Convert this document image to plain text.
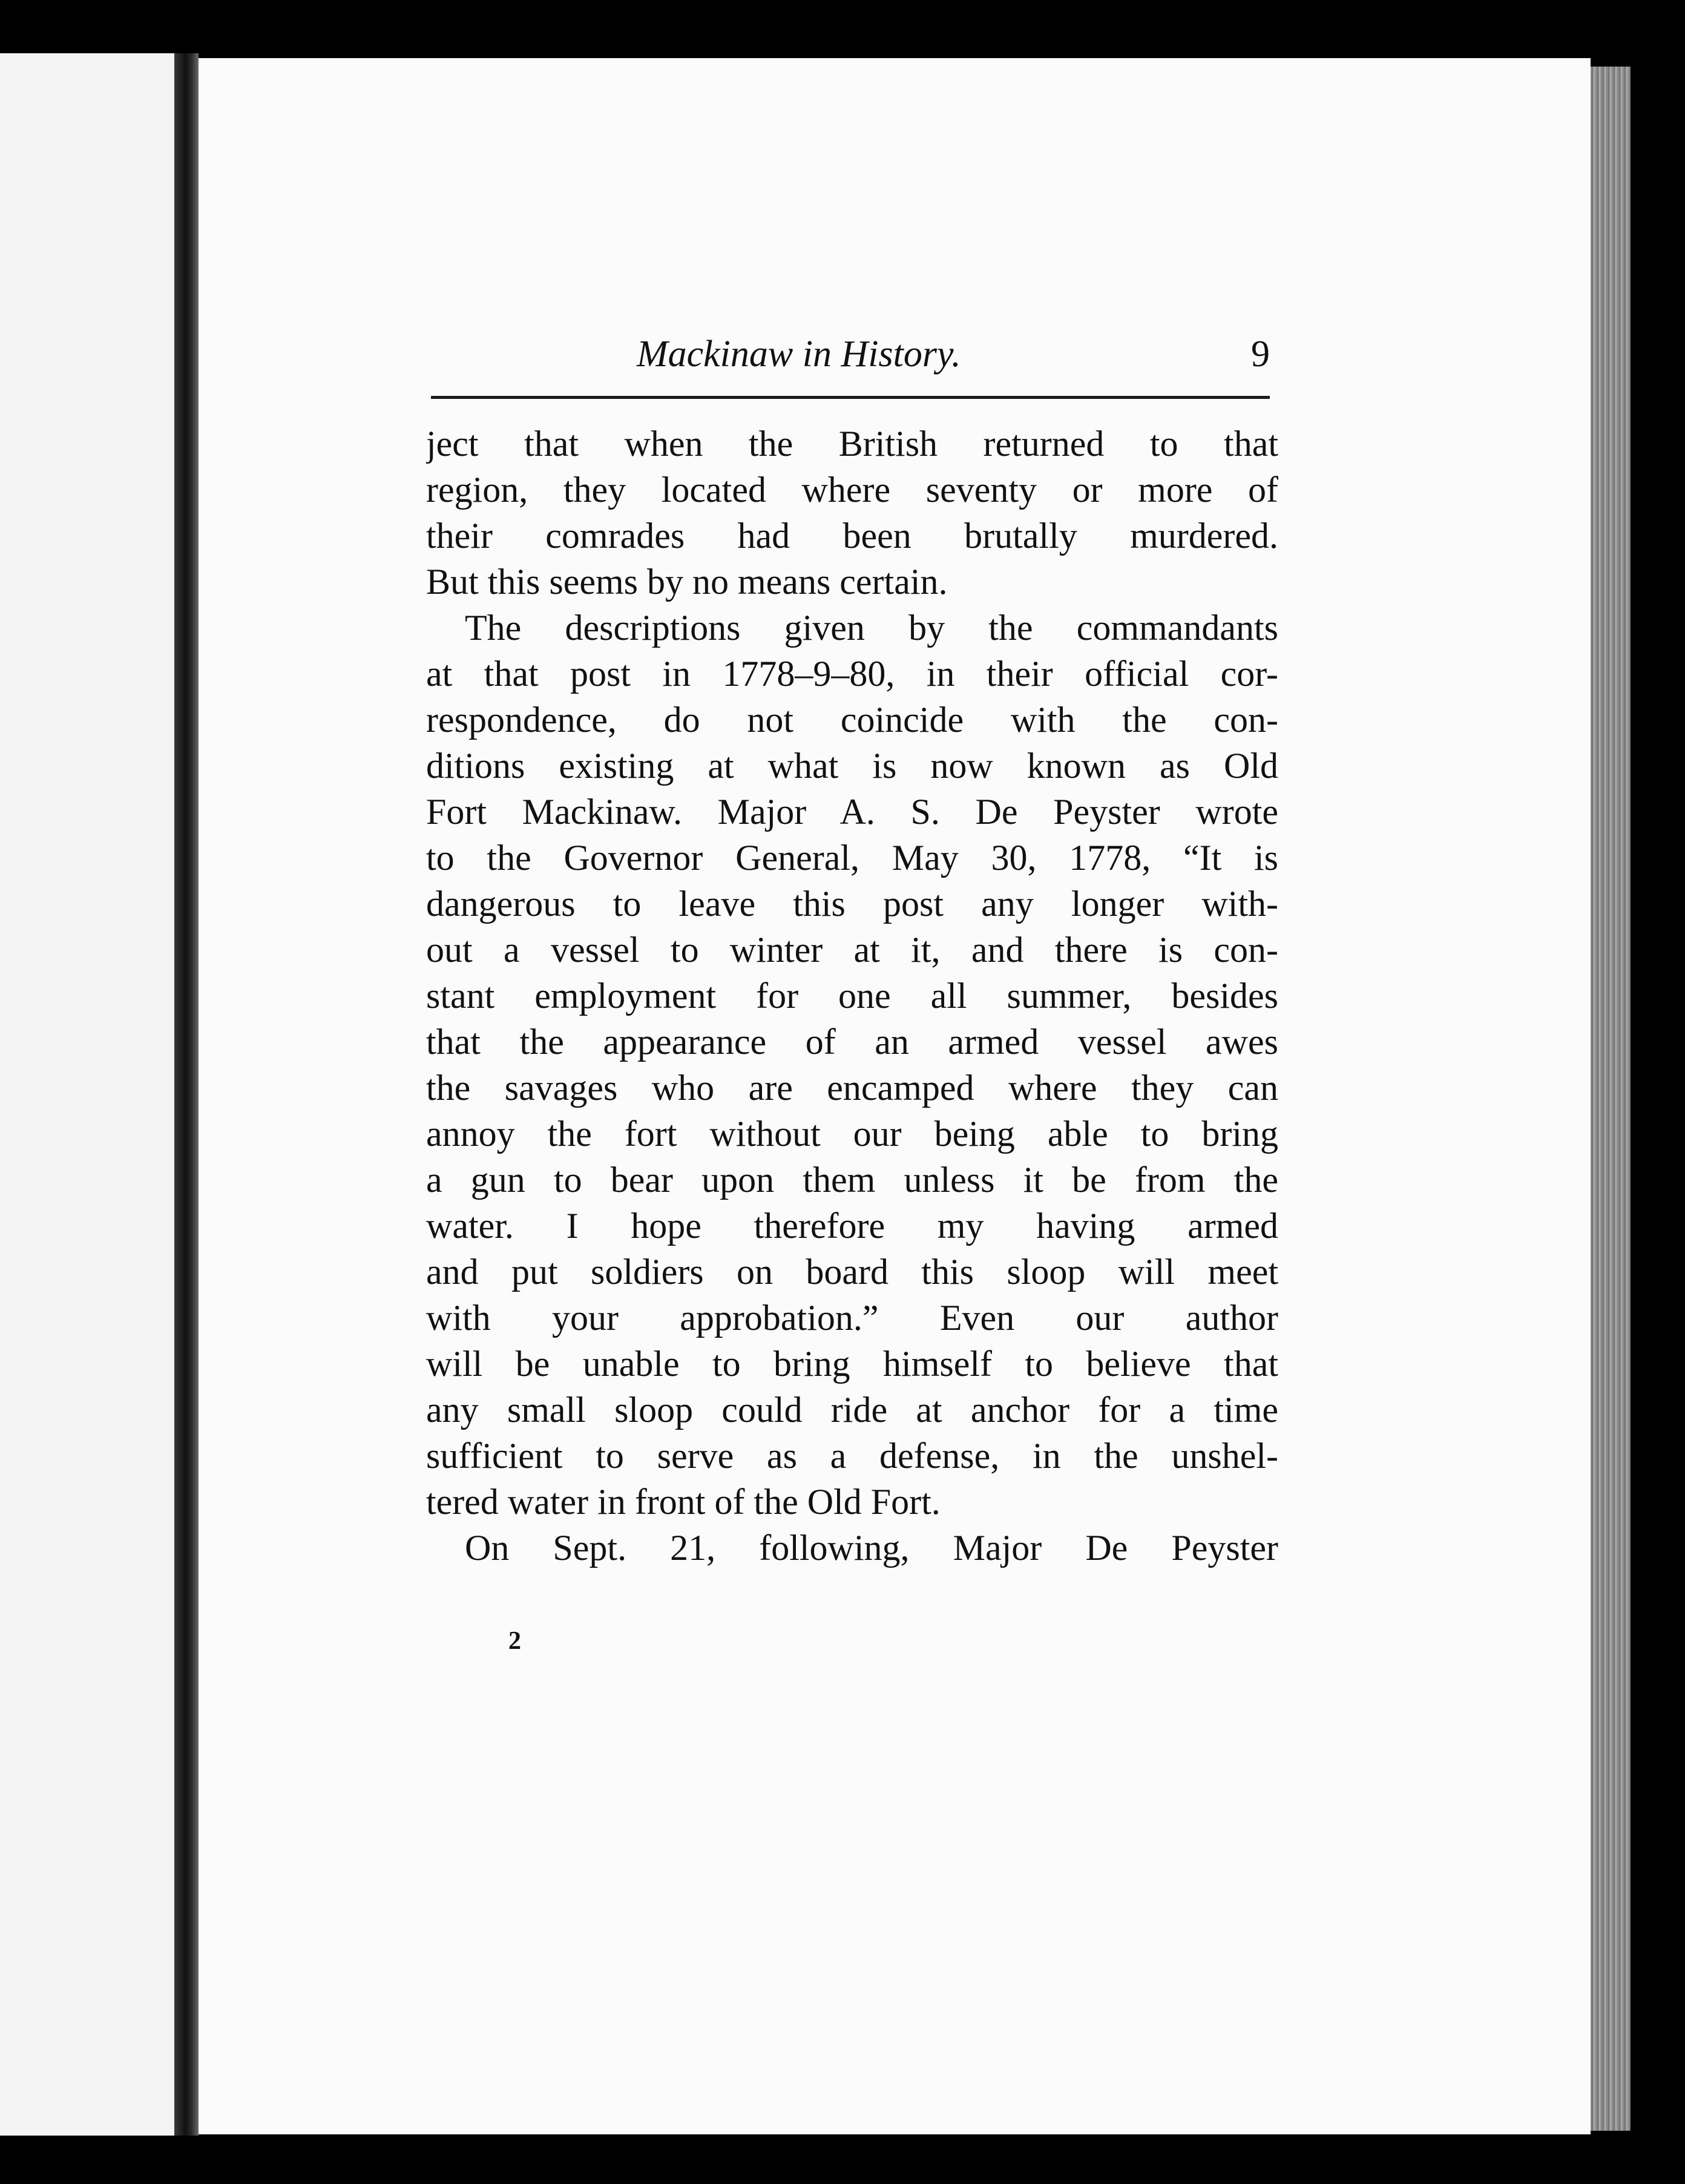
Mackinaw in History.	9
ject that when the British returned to that
region, they located where seventy or more of
their comrades had been brutally murdered.
But this seems by no means certain.
The descriptions given by the commandants
at that post in 1778–9–80, in their official cor-
respondence, do not coincide with the con-
ditions existing at what is now known as Old
Fort Mackinaw. Major A. S. De Peyster wrote
to the Governor General, May 30, 1778, “It is
dangerous to leave this post any longer with-
out a vessel to winter at it, and there is con-
stant employment for one all summer, besides
that the appearance of an armed vessel awes
the savages who are encamped where they can
annoy the fort without our being able to bring
a gun to bear upon them unless it be from the
water. I hope therefore my having armed
and put soldiers on board this sloop will meet
with your approbation.” Even our author
will be unable to bring himself to believe that
any small sloop could ride at anchor for a time
sufficient to serve as a defense, in the unshel-
tered water in front of the Old Fort.
On Sept. 21, following, Major De Peyster
2
